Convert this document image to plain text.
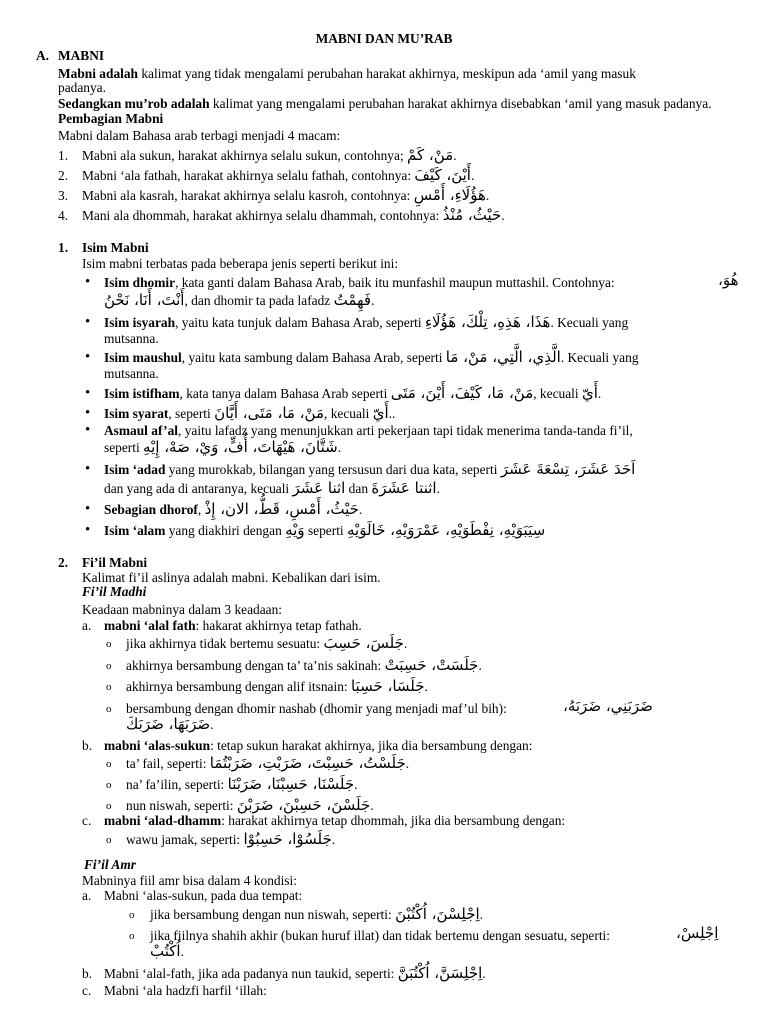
MABNI DAN MU’RAB
A. MABNI
Mabni adalah kalimat yang tidak mengalami perubahan harakat akhirnya, meskipun ada ‘amil yang masuk
padanya.
Sedangkan mu’rob adalah kalimat yang mengalami perubahan harakat akhirnya disebabkan ‘amil yang masuk padanya.
Pembagian Mabni
Mabni dalam Bahasa arab terbagi menjadi 4 macam:
1. Mabni ala sukun, harakat akhirnya selalu sukun, contohnya; مَنْ، كَمْ.
2. Mabni ‘ala fathah, harakat akhirnya selalu fathah, contohnya: أَيْنَ، كَيْفَ.
3. Mabni ala kasrah, harakat akhirnya selalu kasroh, contohnya: هَؤُلَاءِ، أَمْسِ.
4. Mani ala dhommah, harakat akhirnya selalu dhammah, contohnya: حَيْثُ، مُنْذُ.
1. Isim Mabni
Isim mabni terbatas pada beberapa jenis seperti berikut ini:
• Isim dhomir, kata ganti dalam Bahasa Arab, baik itu munfashil maupun muttashil. Contohnya:	هُوَ،
أَنْتَ، أَنَا، نَحْنُ, dan dhomir ta pada lafadz فَهِمْتُ.
• Isim isyarah, yaitu kata tunjuk dalam Bahasa Arab, seperti هَذَا، هَذِهِ، تِلْكَ، هَؤُلَاءِ. Kecuali yang
mutsanna.
• Isim maushul, yaitu kata sambung dalam Bahasa Arab, seperti الَّذِي، الَّتِي، مَنْ، مَا. Kecuali yang
mutsanna.
• Isim istifham, kata tanya dalam Bahasa Arab seperti مَنْ، مَا، كَيْفَ، أَيْنَ، مَتَى, kecuali أَيّ.
• Isim syarat, seperti مَنْ، مَا، مَتَى، أَيَّانَ, kecuali أَيّ..
• Asmaul af’al, yaitu lafadz yang menunjukkan arti pekerjaan tapi tidak menerima tanda-tanda fi’il,
seperti شَتَّانَ، هَيْهَاتَ، أُفٍّ، وَيْ، صَهْ، إِيْهِ.
• Isim ‘adad yang murokkab, bilangan yang tersusun dari dua kata, seperti اَحَدَ عَشَرَ، تِسْعَةَ عَشَرَ
dan yang ada di antaranya, kecuali اثنا عَشَرَ dan اثنتا عَشَرَةَ.
• Sebagian dhorof, حَيْثُ، أَمْسِ، قَطُّ، الان، إِذْ.
• Isim ‘alam yang diakhiri dengan وَيْهِ seperti سِيَبَوَيْهِ، نِفْطَوَيْهِ، عَمْرَوَيْهِ، خَالَوَيْهِ
2. Fi’il Mabni
Kalimat fi’il aslinya adalah mabni. Kebalikan dari isim.
Fi’il Madhi
Keadaan mabninya dalam 3 keadaan:
a. mabni ‘alal fath: hakarat akhirnya tetap fathah.
o jika akhirnya tidak bertemu sesuatu: جَلَسَ، حَسِبَ.
o akhirnya bersambung dengan ta’ ta’nis sakinah: جَلَسَتْ، حَسِبَتْ.
o akhirnya bersambung dengan alif itsnain: جَلَسَا، حَسِبَا.
o bersambung dengan dhomir nashab (dhomir yang menjadi maf’ul bih):	ضَرَبَنِي، ضَرَبَهُ،
ضَرَبَهَا، ضَرَبَكَ.
b. mabni ‘alas-sukun: tetap sukun harakat akhirnya, jika dia bersambung dengan:
o ta’ fail, seperti: جَلَسْتُ، حَسِبْتَ، ضَرَبْتِ، ضَرَبْتُمَا.
o na’ fa’ilin, seperti: جَلَسْنَا، حَسِبْنَا، ضَرَبْنَا.
o nun niswah, seperti: جَلَسْنَ، حَسِبْنَ، ضَرَبْنَ.
c. mabni ‘alad-dhamm: harakat akhirnya tetap dhommah, jika dia bersambung dengan:
o wawu jamak, seperti: جَلَسُوْا، حَسِبُوْا.
Fi’il Amr
Mabninya fiil amr bisa dalam 4 kondisi:
a. Mabni ‘alas-sukun, pada dua tempat:
o jika bersambung dengan nun niswah, seperti: اِجْلِسْنَ، اُكْتُبْنَ.
o jika fiilnya shahih akhir (bukan huruf illat) dan tidak bertemu dengan sesuatu, seperti:	اِجْلِسْ،
اُكْتُبْ.
b. Mabni ‘alal-fath, jika ada padanya nun taukid, seperti: اِجْلِسَنَّ، اُكْتُبَنَّ.
c. Mabni ‘ala hadzfi harfil ‘illah:
